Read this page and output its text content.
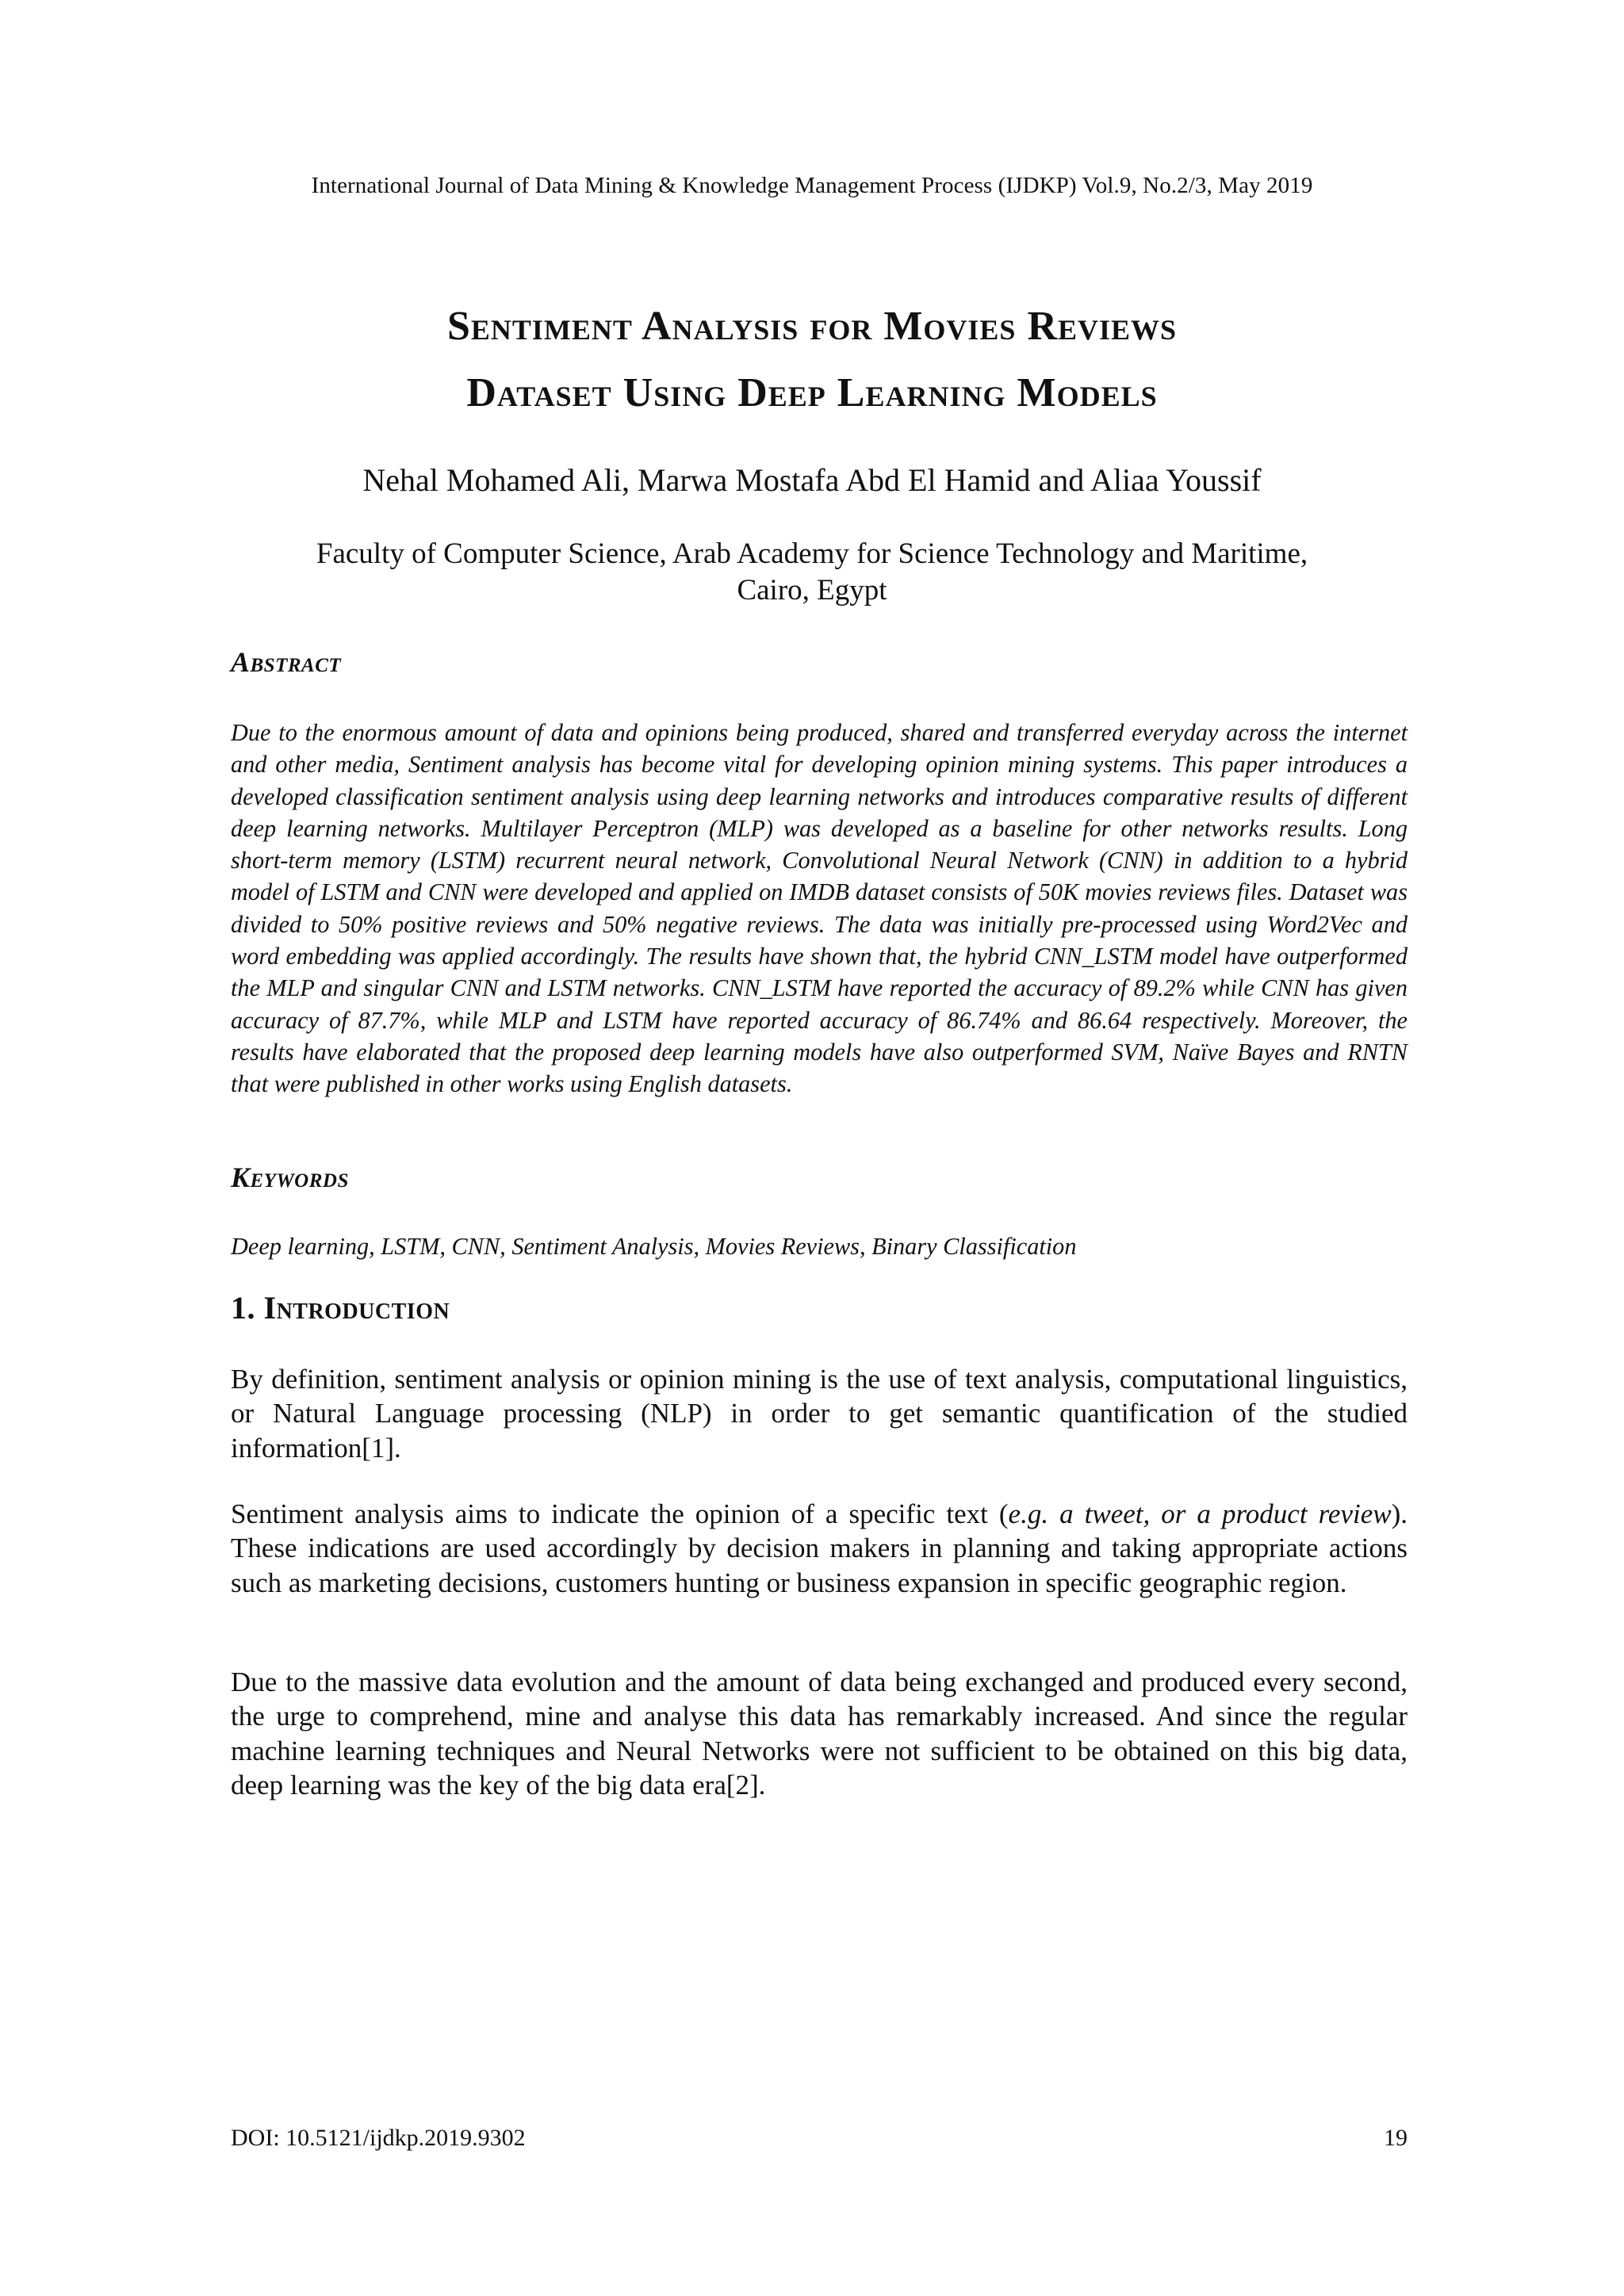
International Journal of Data Mining & Knowledge Management Process (IJDKP) Vol.9, No.2/3, May 2019
Sentiment Analysis for Movies Reviews
Dataset Using Deep Learning Models
Nehal Mohamed Ali, Marwa Mostafa Abd El Hamid and Aliaa Youssif
Faculty of Computer Science, Arab Academy for Science Technology and Maritime,
Cairo, Egypt
Abstract
Due to the enormous amount of data and opinions being produced, shared and transferred everyday across the internet and other media, Sentiment analysis has become vital for developing opinion mining systems. This paper introduces a developed classification sentiment analysis using deep learning networks and introduces comparative results of different deep learning networks. Multilayer Perceptron (MLP) was developed as a baseline for other networks results. Long short-term memory (LSTM) recurrent neural network, Convolutional Neural Network (CNN) in addition to a hybrid model of LSTM and CNN were developed and applied on IMDB dataset consists of 50K movies reviews files. Dataset was divided to 50% positive reviews and 50% negative reviews. The data was initially pre-processed using Word2Vec and word embedding was applied accordingly. The results have shown that, the hybrid CNN_LSTM model have outperformed the MLP and singular CNN and LSTM networks. CNN_LSTM have reported the accuracy of 89.2% while CNN has given accuracy of 87.7%, while MLP and LSTM have reported accuracy of 86.74% and 86.64 respectively. Moreover, the results have elaborated that the proposed deep learning models have also outperformed SVM, Naïve Bayes and RNTN that were published in other works using English datasets.
Keywords
Deep learning, LSTM, CNN, Sentiment Analysis, Movies Reviews, Binary Classification
1. Introduction
By definition, sentiment analysis or opinion mining is the use of text analysis, computational linguistics, or Natural Language processing (NLP) in order to get semantic quantification of the studied information[1].
Sentiment analysis aims to indicate the opinion of a specific text (e.g. a tweet, or a product review). These indications are used accordingly by decision makers in planning and taking appropriate actions such as marketing decisions, customers hunting or business expansion in specific geographic region.
Due to the massive data evolution and the amount of data being exchanged and produced every second, the urge to comprehend, mine and analyse this data has remarkably increased. And since the regular machine learning techniques and Neural Networks were not sufficient to be obtained on this big data, deep learning was the key of the big data era[2].
DOI: 10.5121/ijdkp.2019.9302	19
